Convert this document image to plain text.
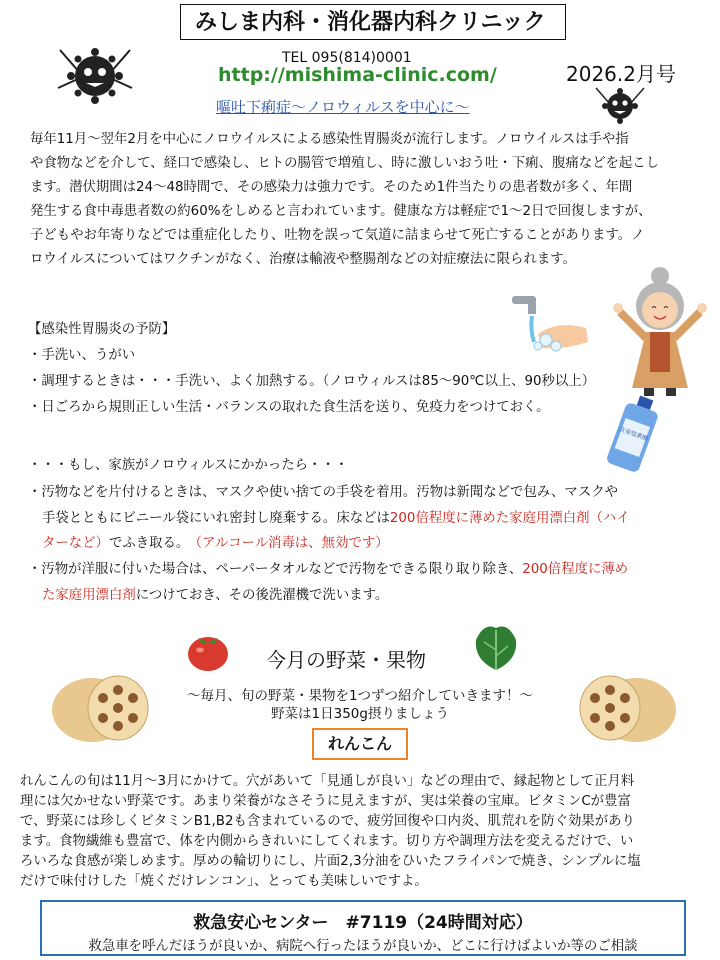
みしま内科・消化器内科クリニック
TEL 095(814)0001
http://mishima-clinic.com/	2026.2月号
嘔吐下痢症～ノロウィルスを中心に～
毎年11月～翌年2月を中心にノロウイルスによる感染性胃腸炎が流行します。ノロウイルスは手や指
や食物などを介して、経口で感染し、ヒトの腸管で増殖し、時に激しいおう吐・下痢、腹痛などを起こし
ます。潜伏期間は24～48時間で、その感染力は強力です。そのため1件当たりの患者数が多く、年間
発生する食中毒患者数の約60%をしめると言われています。健康な方は軽症で1～2日で回復しますが、
子どもやお年寄りなどでは重症化したり、吐物を誤って気道に詰まらせて死亡することがあります。ノ
ロウイルスについてはワクチンがなく、治療は輸液や整腸剤などの対症療法に限られます。
【感染性胃腸炎の予防】
・手洗い、うがい
・調理するときは・・・手洗い、よく加熱する。（ノロウィルスは85～90℃以上、90秒以上）
・日ごろから規則正しい生活・バランスの取れた食生活を送り、免疫力をつけておく。
・・・もし、家族がノロウィルスにかかったら・・・
・汚物などを片付けるときは、マスクや使い捨ての手袋を着用。汚物は新聞などで包み、マスクや
手袋とともにビニール袋にいれ密封し廃棄する。床などは200倍程度に薄めた家庭用漂白剤（ハイ
ターなど）でふき取る。 （アルコール消毒は、無効です）
・汚物が洋服に付いた場合は、ペーパータオルなどで汚物をできる限り取り除き、200倍程度に薄め
た家庭用漂白剤につけておき、その後洗濯機で洗います。
次亜塩素酸
今月の野菜・果物
～毎月、旬の野菜・果物を1つずつ紹介していきます！～
野菜は1日350g摂りましょう
れんこん
れんこんの旬は11月～3月にかけて。穴があいて「見通しが良い」などの理由で、縁起物として正月料
理には欠かせない野菜です。あまり栄養がなさそうに見えますが、実は栄養の宝庫。ビタミンCが豊富
で、野菜には珍しくビタミンB1,B2も含まれているので、疲労回復や口内炎、肌荒れを防ぐ効果があり
ます。食物繊維も豊富で、体を内側からきれいにしてくれます。切り方や調理方法を変えるだけで、い
ろいろな食感が楽しめます。厚めの輪切りにし、片面2,3分油をひいたフライパンで焼き、シンプルに塩
だけで味付けした「焼くだけレンコン」、とっても美味しいですよ。
救急安心センター　#7119（24時間対応）
救急車を呼んだほうが良いか、病院へ行ったほうが良いか、どこに行けばよいか等のご相談
